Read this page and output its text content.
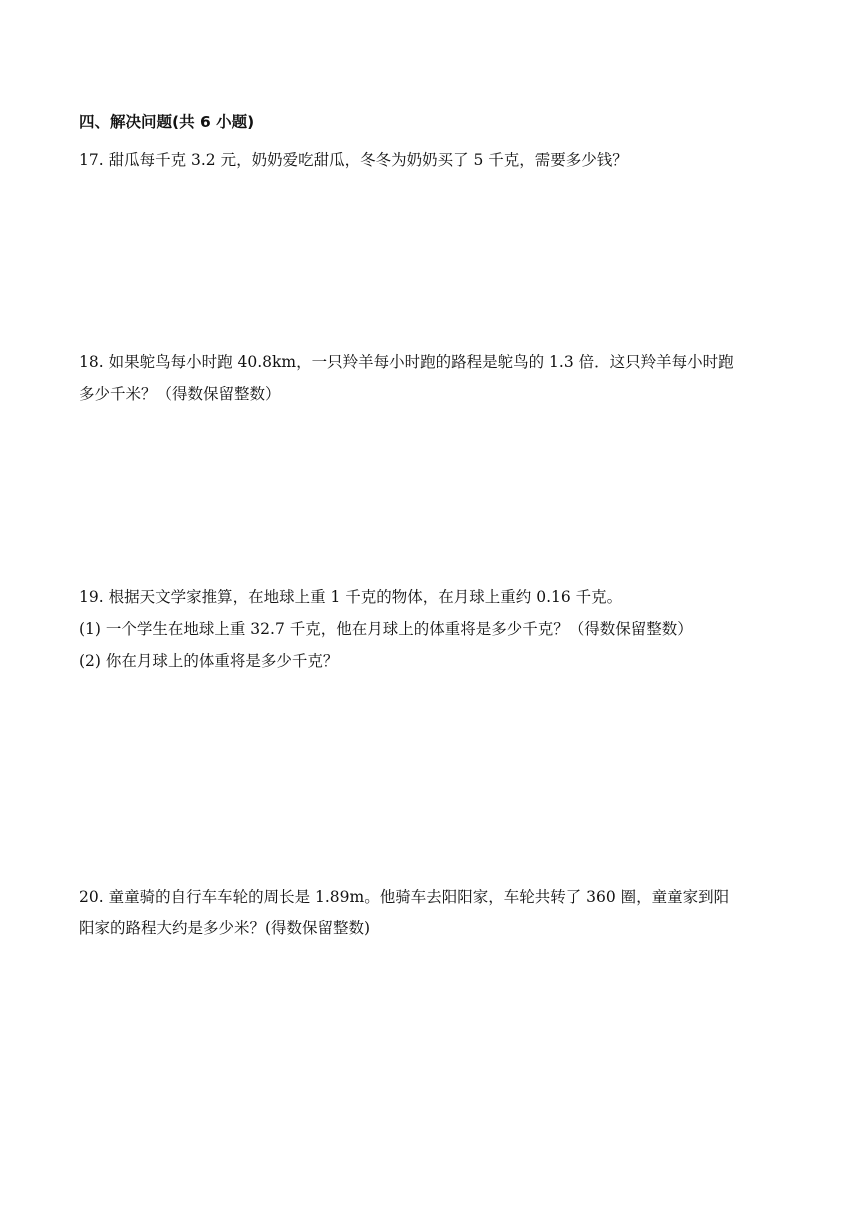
四、解决问题(共 6 小题)
17. 甜瓜每千克 3.2 元，奶奶爱吃甜瓜，冬冬为奶奶买了 5 千克，需要多少钱？
18. 如果鸵鸟每小时跑 40.8km，一只羚羊每小时跑的路程是鸵鸟的 1.3 倍．这只羚羊每小时跑
多少千米？（得数保留整数）
19. 根据天文学家推算，在地球上重 1 千克的物体，在月球上重约 0.16 千克。
(1) 一个学生在地球上重 32.7 千克，他在月球上的体重将是多少千克？（得数保留整数）
(2) 你在月球上的体重将是多少千克？
20. 童童骑的自行车车轮的周长是 1.89m。他骑车去阳阳家，车轮共转了 360 圈，童童家到阳
阳家的路程大约是多少米？(得数保留整数)
